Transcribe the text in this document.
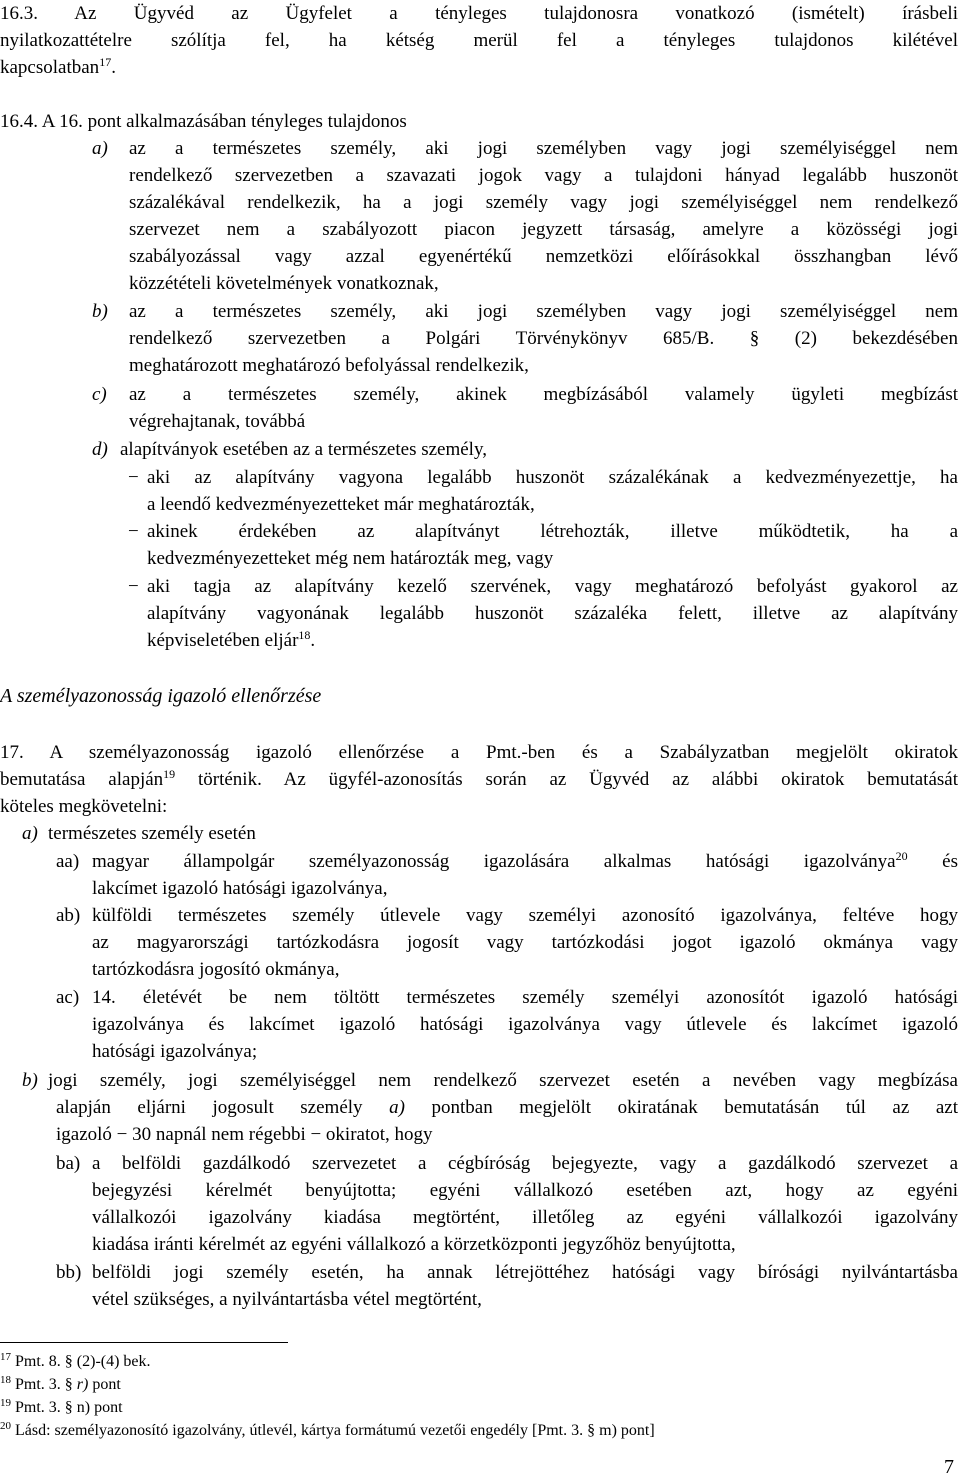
16.3. Az Ügyvéd az Ügyfelet a tényleges tulajdonosra vonatkozó (ismételt) írásbeli

nyilatkozattételre szólítja fel, ha kétség merül fel a tényleges tulajdonos kilétével

kapcsolatban$^{17}$.

16.4. A 16. pont alkalmazásában tényleges tulajdonos

a) az a természetes személy, aki jogi személyben vagy jogi személyiséggel nem

rendelkező szervezetben a szavazati jogok vagy a tulajdoni hányad legalább huszonöt

százalékával rendelkezik, ha a jogi személy vagy jogi személyiséggel nem rendelkező

szervezet nem a szabályozott piacon jegyzett társaság, amelyre a közösségi jogi

szabályozással vagy azzal egyenértékű nemzetközi előírásokkal összhangban lévő

közzétételi követelmények vonatkoznak,

b) az a természetes személy, aki jogi személyben vagy jogi személyiséggel nem

rendelkező szervezetben a Polgári Törvénykönyv 685/B. § (2) bekezdésében

meghatározott meghatározó befolyással rendelkezik,

c) az a természetes személy, akinek megbízásából valamely ügyleti megbízást

végrehajtanak, továbbá

d) alapítványok esetében az a természetes személy,

− aki az alapítvány vagyona legalább huszonöt százalékának a kedvezményezettje, ha

a leendő kedvezményezetteket már meghatározták,

− akinek érdekében az alapítványt létrehozták, illetve működtetik, ha a

kedvezményezetteket még nem határozták meg, vagy

− aki tagja az alapítvány kezelő szervének, vagy meghatározó befolyást gyakorol az

alapítvány vagyonának legalább huszonöt százaléka felett, illetve az alapítvány

képviseletében eljár$^{18}$.

A személyazonosság igazoló ellenőrzése

17. A személyazonosság igazoló ellenőrzése a Pmt.-ben és a Szabályzatban megjelölt okiratok

bemutatása alapján$^{19}$ történik. Az ügyfél-azonosítás során az Ügyvéd az alábbi okiratok bemutatását

köteles megkövetelni:

a) természetes személy esetén

aa) magyar állampolgár személyazonosság igazolására alkalmas hatósági igazolványa$^{20}$ és

lakcímet igazoló hatósági igazolványa,

ab) külföldi természetes személy útlevele vagy személyi azonosító igazolványa, feltéve hogy

az magyarországi tartózkodásra jogosít vagy tartózkodási jogot igazoló okmánya vagy

tartózkodásra jogosító okmánya,

ac) 14. életévét be nem töltött természetes személy személyi azonosítót igazoló hatósági

igazolványa és lakcímet igazoló hatósági igazolványa vagy útlevele és lakcímet igazoló

hatósági igazolványa;

b) jogi személy, jogi személyiséggel nem rendelkező szervezet esetén a nevében vagy megbízása

alapján eljárni jogosult személy a) pontban megjelölt okiratának bemutatásán túl az azt

igazoló − 30 napnál nem régebbi − okiratot, hogy

ba) a belföldi gazdálkodó szervezetet a cégbíróság bejegyezte, vagy a gazdálkodó szervezet a

bejegyzési kérelmét benyújtotta; egyéni vállalkozó esetében azt, hogy az egyéni

vállalkozói igazolvány kiadása megtörtént, illetőleg az egyéni vállalkozói igazolvány

kiadása iránti kérelmét az egyéni vállalkozó a körzetközponti jegyzőhöz benyújtotta,

bb) belföldi jogi személy esetén, ha annak létrejöttéhez hatósági vagy bírósági nyilvántartásba

vétel szükséges, a nyilvántartásba vétel megtörtént,

$^{17}$ Pmt. 8. § (2)-(4) bek.

$^{18}$ Pmt. 3. § r) pont

$^{19}$ Pmt. 3. § n) pont

$^{20}$ Lásd: személyazonosító igazolvány, útlevél, kártya formátumú vezetői engedély [Pmt. 3. § m) pont]

7
